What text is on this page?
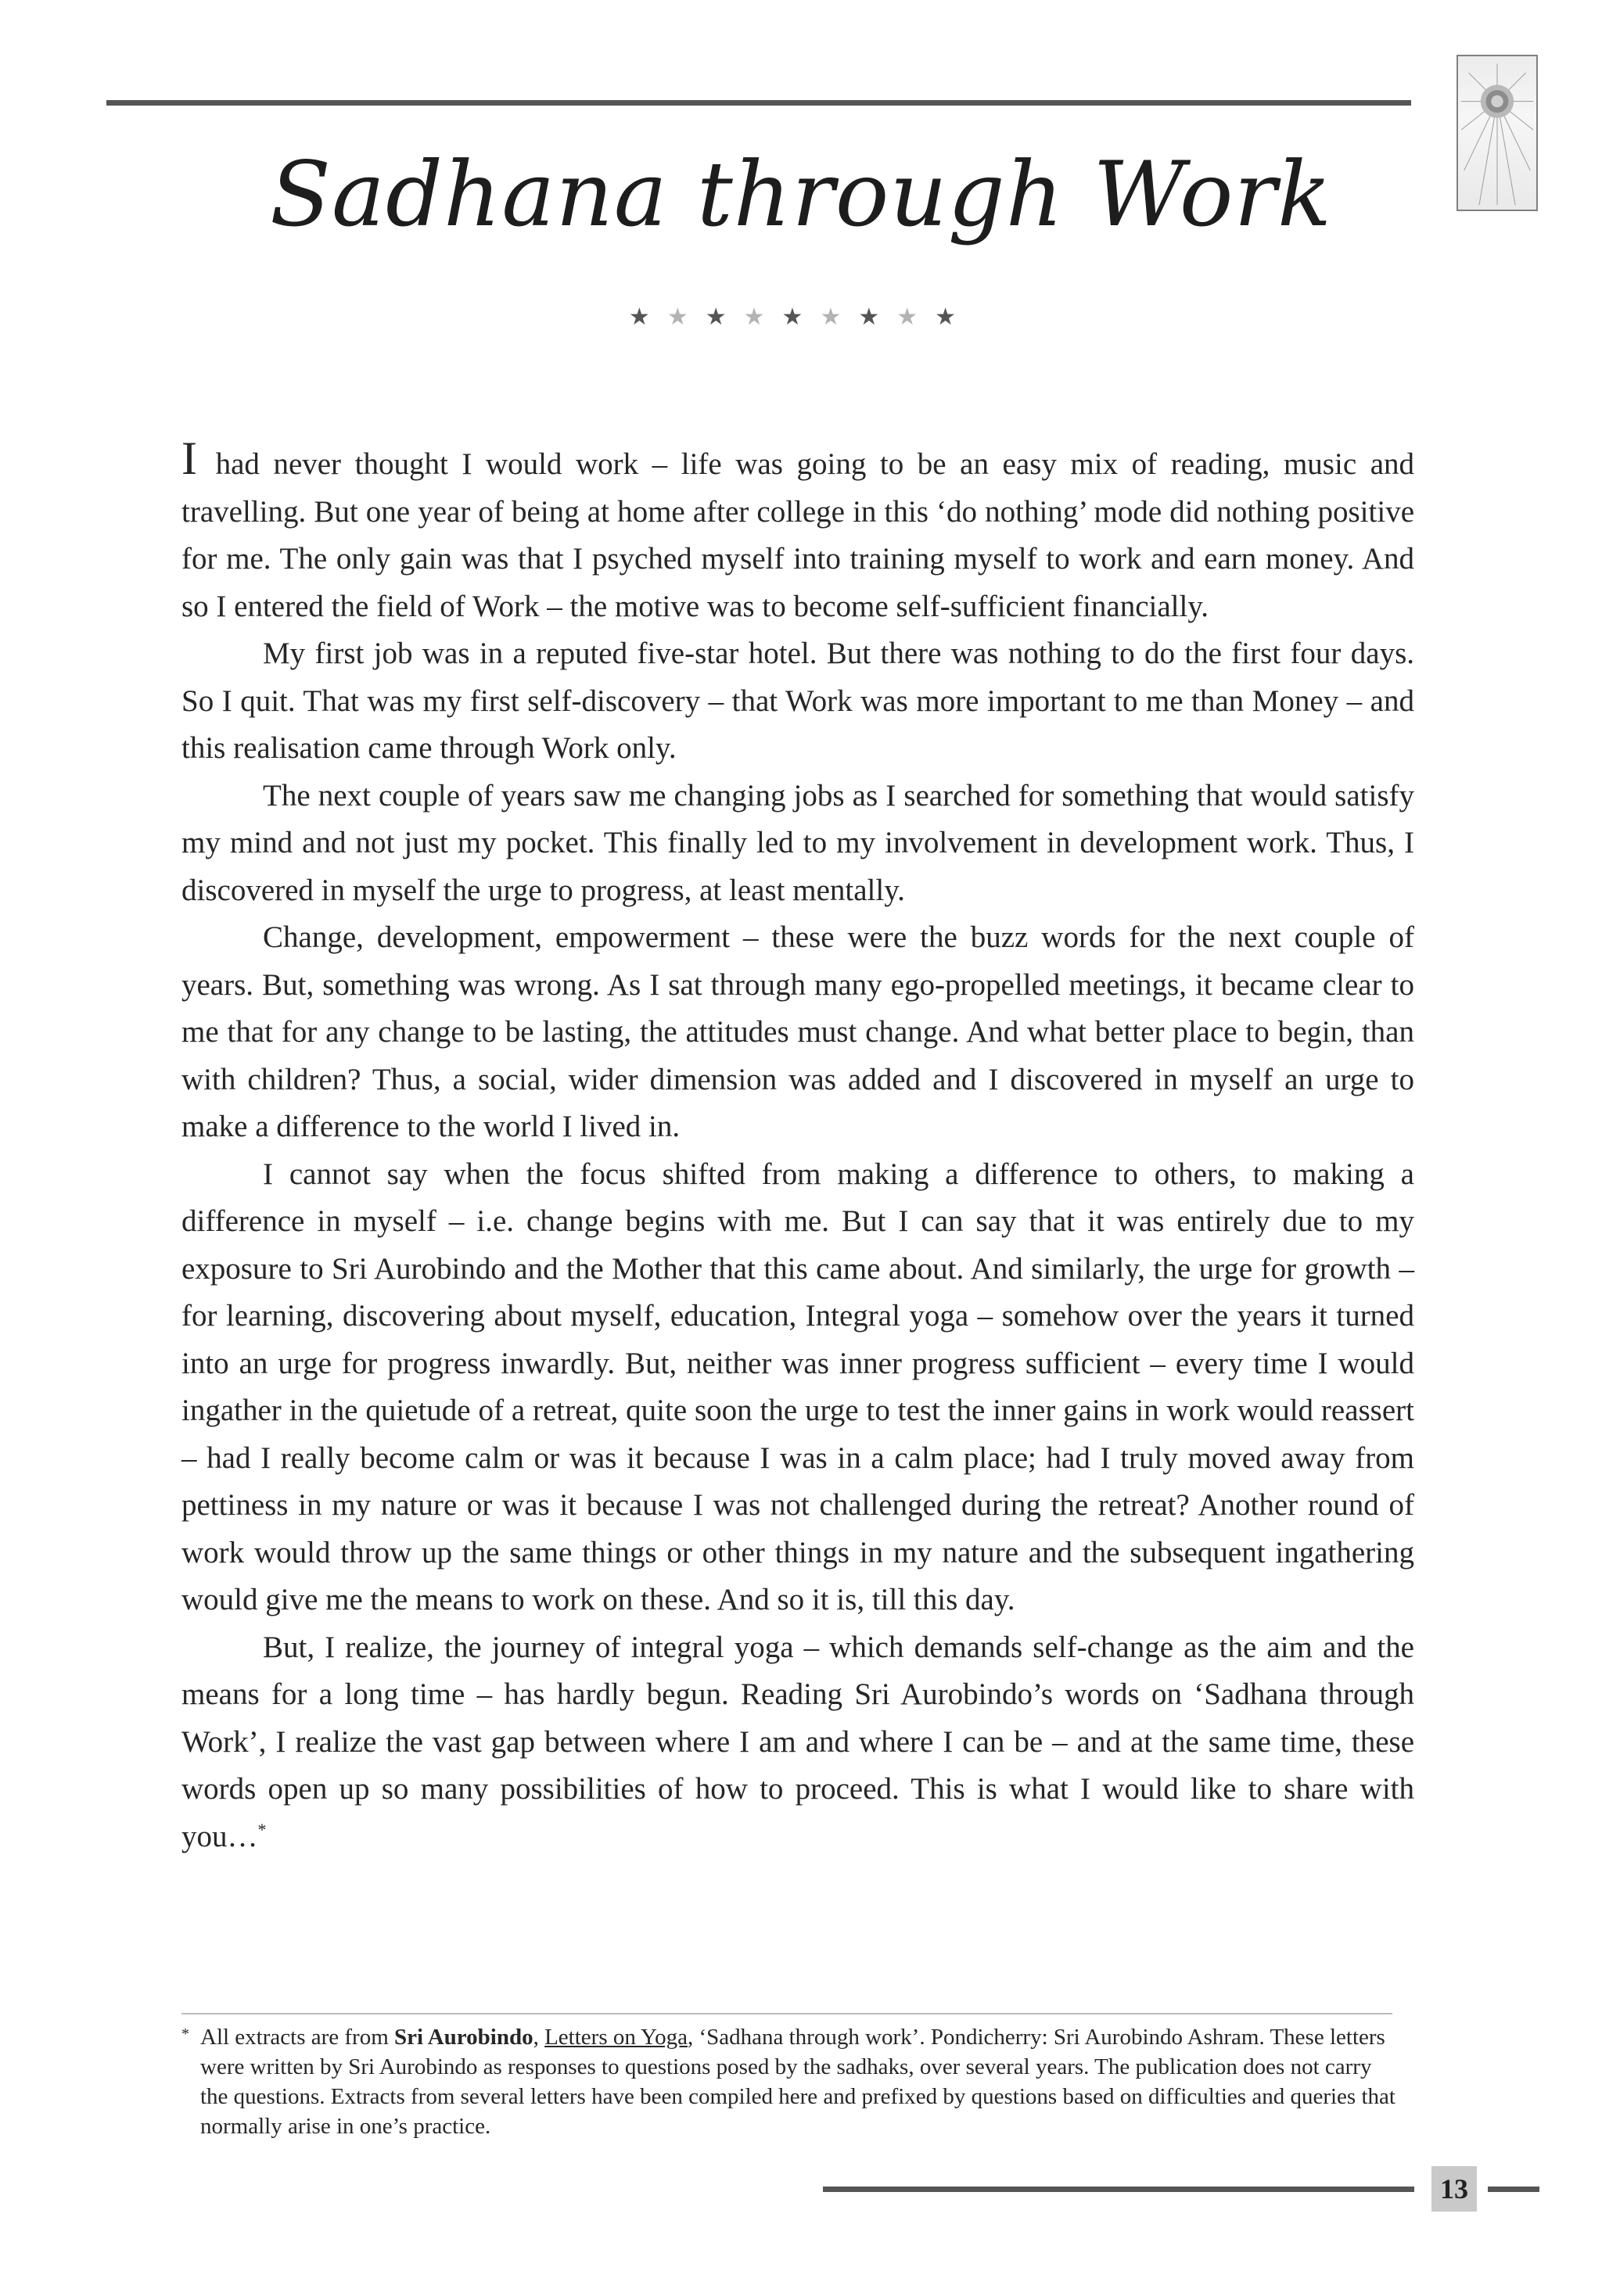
Sadhana through Work
★★★★★★★★★

I had never thought I would work – life was going to be an easy mix of reading, music and travelling. But one year of being at home after college in this ‘do nothing’ mode did nothing positive for me. The only gain was that I psyched myself into training myself to work and earn money. And so I entered the field of Work – the motive was to become self-sufficient financially.

My first job was in a reputed five-star hotel. But there was nothing to do the first four days. So I quit. That was my first self-discovery – that Work was more important to me than Money – and this realisation came through Work only.

The next couple of years saw me changing jobs as I searched for something that would satisfy my mind and not just my pocket. This finally led to my involvement in development work. Thus, I discovered in myself the urge to progress, at least mentally.

Change, development, empowerment – these were the buzz words for the next couple of years. But, something was wrong. As I sat through many ego-propelled meetings, it became clear to me that for any change to be lasting, the attitudes must change. And what better place to begin, than with children? Thus, a social, wider dimension was added and I discovered in myself an urge to make a difference to the world I lived in.

I cannot say when the focus shifted from making a difference to others, to making a difference in myself – i.e. change begins with me. But I can say that it was entirely due to my exposure to Sri Aurobindo and the Mother that this came about. And similarly, the urge for growth – for learning, discovering about myself, education, Integral yoga – somehow over the years it turned into an urge for progress inwardly. But, neither was inner progress sufficient – every time I would ingather in the quietude of a retreat, quite soon the urge to test the inner gains in work would reassert – had I really become calm or was it because I was in a calm place; had I truly moved away from pettiness in my nature or was it because I was not challenged during the retreat? Another round of work would throw up the same things or other things in my nature and the subsequent ingathering would give me the means to work on these. And so it is, till this day.

But, I realize, the journey of integral yoga – which demands self-change as the aim and the means for a long time – has hardly begun. Reading Sri Aurobindo’s words on ‘Sadhana through Work’, I realize the vast gap between where I am and where I can be – and at the same time, these words open up so many possibilities of how to proceed. This is what I would like to share with you…*

* All extracts are from Sri Aurobindo, Letters on Yoga, ‘Sadhana through work’. Pondicherry: Sri Aurobindo Ashram. These letters were written by Sri Aurobindo as responses to questions posed by the sadhaks, over several years. The publication does not carry the questions. Extracts from several letters have been compiled here and prefixed by questions based on difficulties and queries that normally arise in one’s practice.
13
